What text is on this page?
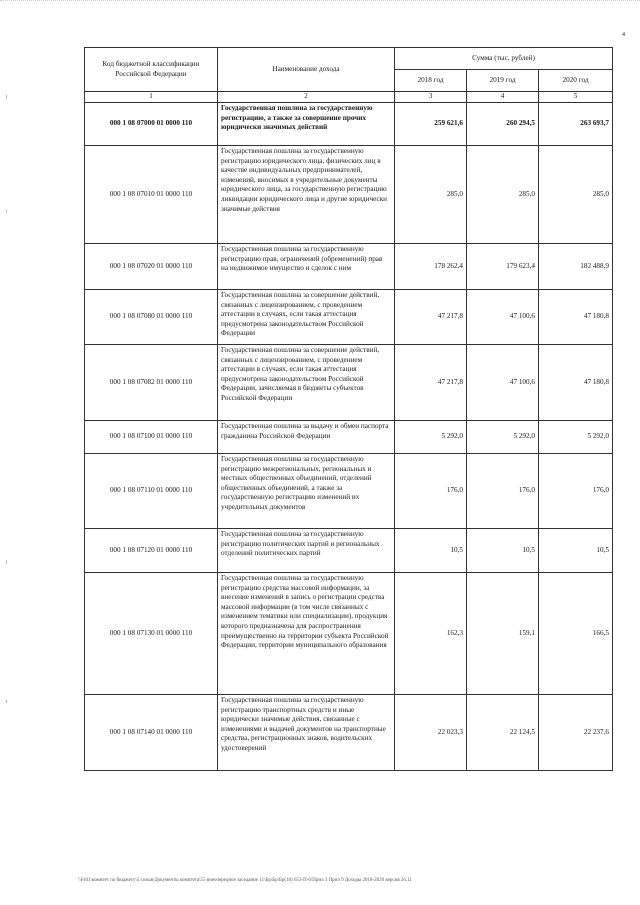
4
Код бюджетной классификации Российской Федерации	Наименование дохода	Сумма (тыс. рублей)		
		2018 год	2019 год	2020 год
1	2	3	4	5
000 1 08 07000 01 0000 110	Государственная пошлина за государственную регистрацию, а также за совершение прочих юридически значимых действий	259 621,6	260 294,5	263 693,7
000 1 08 07010 01 0000 110	Государственная пошлина за государственную регистрацию юридического лица, физических лиц в качестве индивидуальных предпринимателей, изменений, вносимых в учредительные документы юридического лица, за государственную регистрацию ликвидации юридического лица и другие юридически значимые действия	285,0	285,0	285,0
000 1 08 07020 01 0000 110	Государственная пошлина за государственную регистрацию прав, ограничений (обременений) прав на недвижимое имущество и сделок с ним	178 262,4	179 623,4	182 488,9
000 1 08 07080 01 0000 110	Государственная пошлина за совершение действий, связанных с лицензированием, с проведением аттестации в случаях, если такая аттестация предусмотрена законодательством Российской Федерации	47 217,8	47 100,6	47 180,8
000 1 08 07082 01 0000 110	Государственная пошлина за совершение действий, связанных с лицензированием, с проведением аттестации в случаях, если такая аттестация предусмотрена законодательством Российской Федерации, зачисляемая в бюджеты субъектов Российской Федерации	47 217,8	47 100,6	47 180,8
000 1 08 07100 01 0000 110	Государственная пошлина за выдачу и обмен паспорта гражданина Российской Федерации	5 292,0	5 292,0	5 292,0
000 1 08 07110 01 0000 110	Государственная пошлина за государственную регистрацию межрегиональных, региональных и местных общественных объединений, отделений общественных объединений, а также за государственную регистрацию изменений их учредительных документов	176,0	176,0	176,0
000 1 08 07120 01 0000 110	Государственная пошлина за государственную регистрацию политических партий и региональных отделений политических партий	10,5	10,5	10,5
000 1 08 07130 01 0000 110	Государственная пошлина за государственную регистрацию средства массовой информации, за внесение изменений в запись о регистрации средства массовой информации (в том числе связанных с изменением тематики или специализации), продукция которого предназначена для распространения преимущественно на территории субъекта Российской Федерации, территории муниципального образования	162,3	159,1	166,5
000 1 08 07140 01 0000 110	Государственная пошлина за государственную регистрацию транспортных средств и иные юридически значимые действия, связанные с изменениями и выдачей документов на транспортные средства, регистрационных знаков, водительских удостоверений	22 023,3	22 124,5	22 237,6
\\Fs01\комитет по бюджету\5 созыв\Документы комитета\55 внеочередное заседание 11\Бр\Бр\Бр(18) 653-П-6\Прил 3 Прил 9 Доходы 2018-2020 версия 26.11
